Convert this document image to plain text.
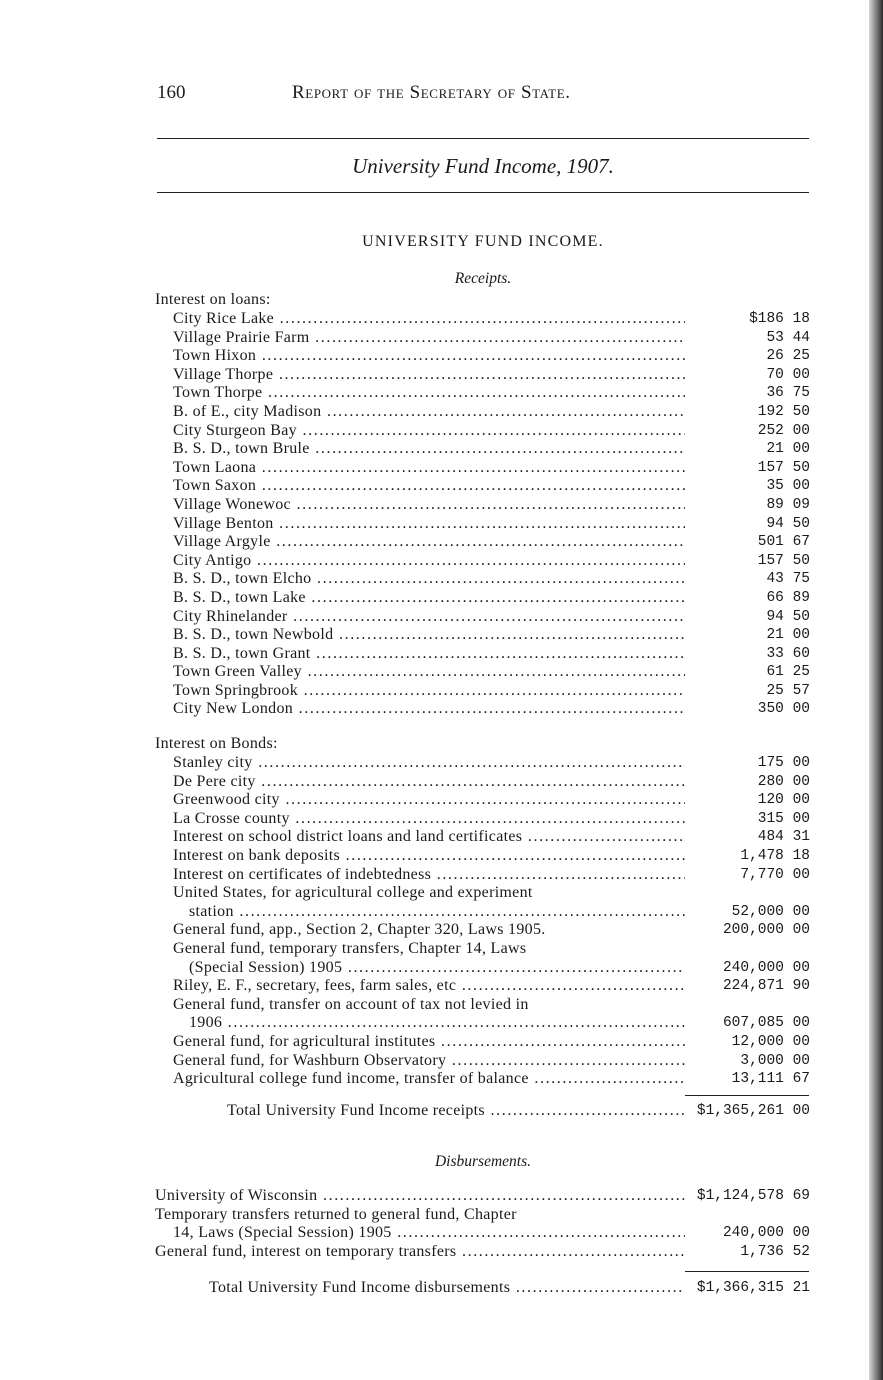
160	Report of the Secretary of State.
University Fund Income, 1907.
UNIVERSITY FUND INCOME.
Receipts.
Interest on loans:
City Rice Lake .....	$186 18
Village Prairie Farm .....	53 44
Town Hixon .....	26 25
Village Thorpe .....	70 00
Town Thorpe .....	36 75
B. of E., city Madison .....	192 50
City Sturgeon Bay .....	252 00
B. S. D., town Brule .....	21 00
Town Laona .....	157 50
Town Saxon .....	35 00
Village Wonewoc .....	89 09
Village Benton .....	94 50
Village Argyle .....	501 67
City Antigo .....	157 50
B. S. D., town Elcho .....	43 75
B. S. D., town Lake .....	66 89
City Rhinelander .....	94 50
B. S. D., town Newbold .....	21 00
B. S. D., town Grant .....	33 60
Town Green Valley .....	61 25
Town Springbrook .....	25 57
City New London .....	350 00
Interest on Bonds:
Stanley city .....	175 00
De Pere city .....	280 00
Greenwood city .....	120 00
La Crosse county .....	315 00
Interest on school district loans and land certificates .....	484 31
Interest on bank deposits .....	1,478 18
Interest on certificates of indebtedness .....	7,770 00
United States, for agricultural college and experiment
station .....	52,000 00
General fund, app., Section 2, Chapter 320, Laws 1905.	200,000 00
General fund, temporary transfers, Chapter 14, Laws
(Special Session) 1905 .....	240,000 00
Riley, E. F., secretary, fees, farm sales, etc .....	224,871 90
General fund, transfer on account of tax not levied in
1906 .....	607,085 00
General fund, for agricultural institutes .....	12,000 00
General fund, for Washburn Observatory .....	3,000 00
Agricultural college fund income, transfer of balance .....	13,111 67
Total University Fund Income receipts .....	$1,365,261 00
Disbursements.
University of Wisconsin .....	$1,124,578 69
Temporary transfers returned to general fund, Chapter
14, Laws (Special Session) 1905 .....	240,000 00
General fund, interest on temporary transfers .....	1,736 52
Total University Fund Income disbursements .....	$1,366,315 21
